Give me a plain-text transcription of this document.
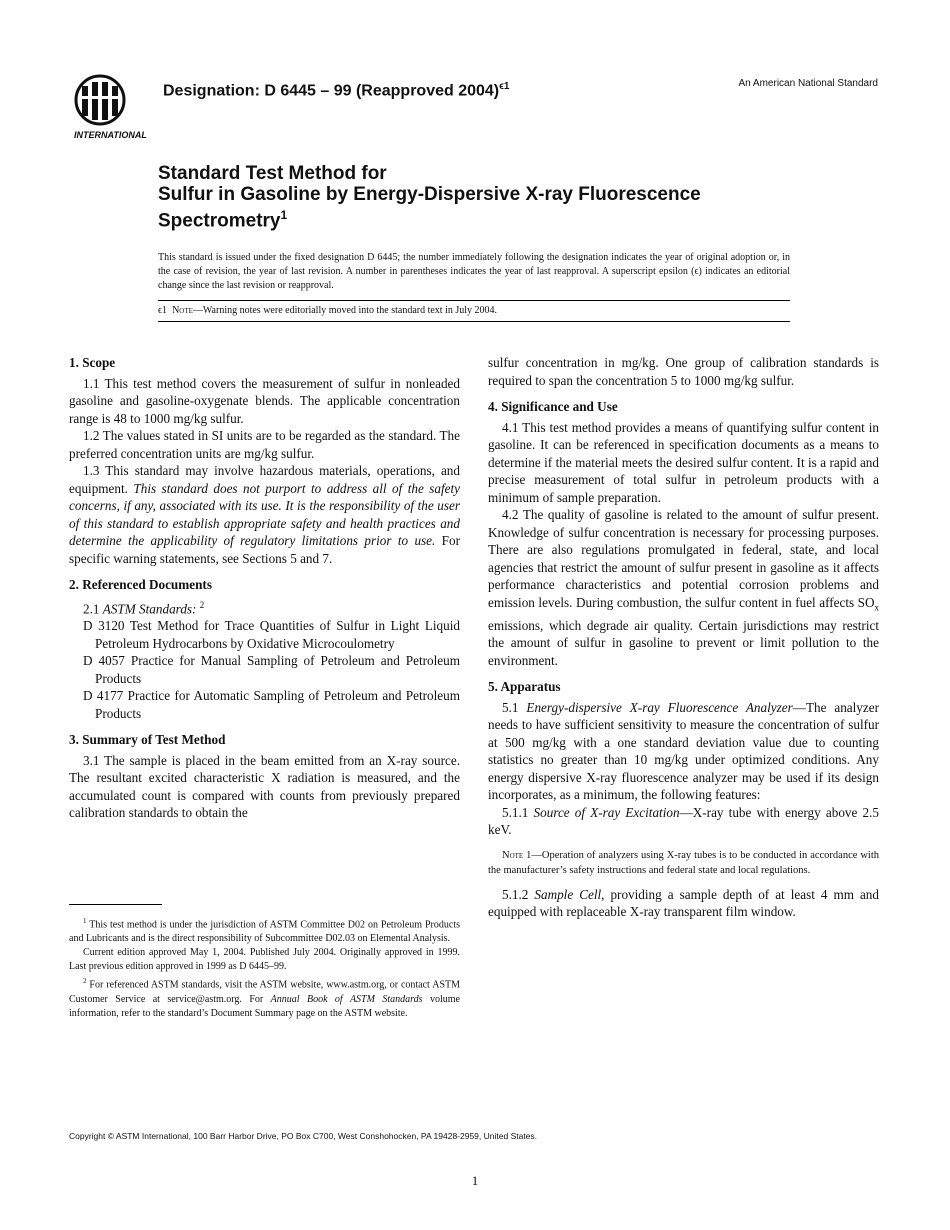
INTERNATIONAL
Designation: D 6445 – 99 (Reapproved 2004)$^{\epsilon 1}$	An American National Standard
Standard Test Method for
Sulfur in Gasoline by Energy-Dispersive X-ray Fluorescence
Spectrometry$^1$
This standard is issued under the fixed designation D 6445; the number immediately following the designation indicates the year of original adoption or, in the case of revision, the year of last revision. A number in parentheses indicates the year of last reapproval. A superscript epsilon (ϵ) indicates an editorial change since the last revision or reapproval.
ϵ1 Note—Warning notes were editorially moved into the standard text in July 2004.

1. Scope

1.1 This test method covers the measurement of sulfur in nonleaded gasoline and gasoline-oxygenate blends. The applicable concentration range is 48 to 1000 mg/kg sulfur.

1.2 The values stated in SI units are to be regarded as the standard. The preferred concentration units are mg/kg sulfur.

1.3 This standard may involve hazardous materials, operations, and equipment. This standard does not purport to address all of the safety concerns, if any, associated with its use. It is the responsibility of the user of this standard to establish appropriate safety and health practices and determine the applicability of regulatory limitations prior to use. For specific warning statements, see Sections 5 and 7.

2. Referenced Documents

2.1 ASTM Standards: $^2$

D 3120 Test Method for Trace Quantities of Sulfur in Light Liquid Petroleum Hydrocarbons by Oxidative Microcoulometry

D 4057 Practice for Manual Sampling of Petroleum and Petroleum Products

D 4177 Practice for Automatic Sampling of Petroleum and Petroleum Products

3. Summary of Test Method

3.1 The sample is placed in the beam emitted from an X-ray source. The resultant excited characteristic X radiation is measured, and the accumulated count is compared with counts from previously prepared calibration standards to obtain the

sulfur concentration in mg/kg. One group of calibration standards is required to span the concentration 5 to 1000 mg/kg sulfur.

4. Significance and Use

4.1 This test method provides a means of quantifying sulfur content in gasoline. It can be referenced in specification documents as a means to determine if the material meets the desired sulfur content. It is a rapid and precise measurement of total sulfur in petroleum products with a minimum of sample preparation.

4.2 The quality of gasoline is related to the amount of sulfur present. Knowledge of sulfur concentration is necessary for processing purposes. There are also regulations promulgated in federal, state, and local agencies that restrict the amount of sulfur present in gasoline as it affects performance characteristics and potential corrosion problems and emission levels. During combustion, the sulfur content in fuel affects $SO_x$ emissions, which degrade air quality. Certain jurisdictions may restrict the amount of sulfur in gasoline to prevent or limit pollution to the environment.

5. Apparatus

5.1 Energy-dispersive X-ray Fluorescence Analyzer—The analyzer needs to have sufficient sensitivity to measure the concentration of sulfur at 500 mg/kg with a one standard deviation value due to counting statistics no greater than 10 mg/kg under optimized conditions. Any energy dispersive X-ray fluorescence analyzer may be used if its design incorporates, as a minimum, the following features:

5.1.1 Source of X-ray Excitation—X-ray tube with energy above 2.5 keV.

Note 1—Operation of analyzers using X-ray tubes is to be conducted in accordance with the manufacturer’s safety instructions and federal state and local regulations.

5.1.2 Sample Cell, providing a sample depth of at least 4 mm and equipped with replaceable X-ray transparent film window.

$^1$ This test method is under the jurisdiction of ASTM Committee D02 on Petroleum Products and Lubricants and is the direct responsibility of Subcommittee D02.03 on Elemental Analysis.

Current edition approved May 1, 2004. Published July 2004. Originally approved in 1999. Last previous edition approved in 1999 as D 6445–99.

$^2$ For referenced ASTM standards, visit the ASTM website, www.astm.org, or contact ASTM Customer Service at service@astm.org. For Annual Book of ASTM Standards volume information, refer to the standard’s Document Summary page on the ASTM website.

Copyright © ASTM International, 100 Barr Harbor Drive, PO Box C700, West Conshohocken, PA 19428-2959, United States.
1
